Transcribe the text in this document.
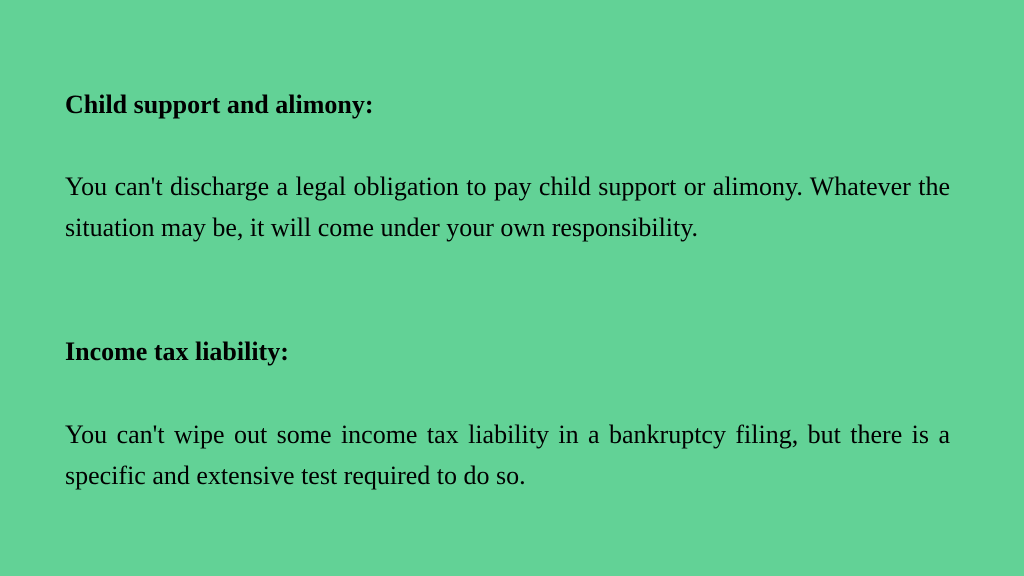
Child support and alimony:

You can't discharge a legal obligation to pay child support or alimony. Whatever the situation may be, it will come under your own responsibility.

Income tax liability:

You can't wipe out some income tax liability in a bankruptcy filing, but there is a specific and extensive test required to do so.
